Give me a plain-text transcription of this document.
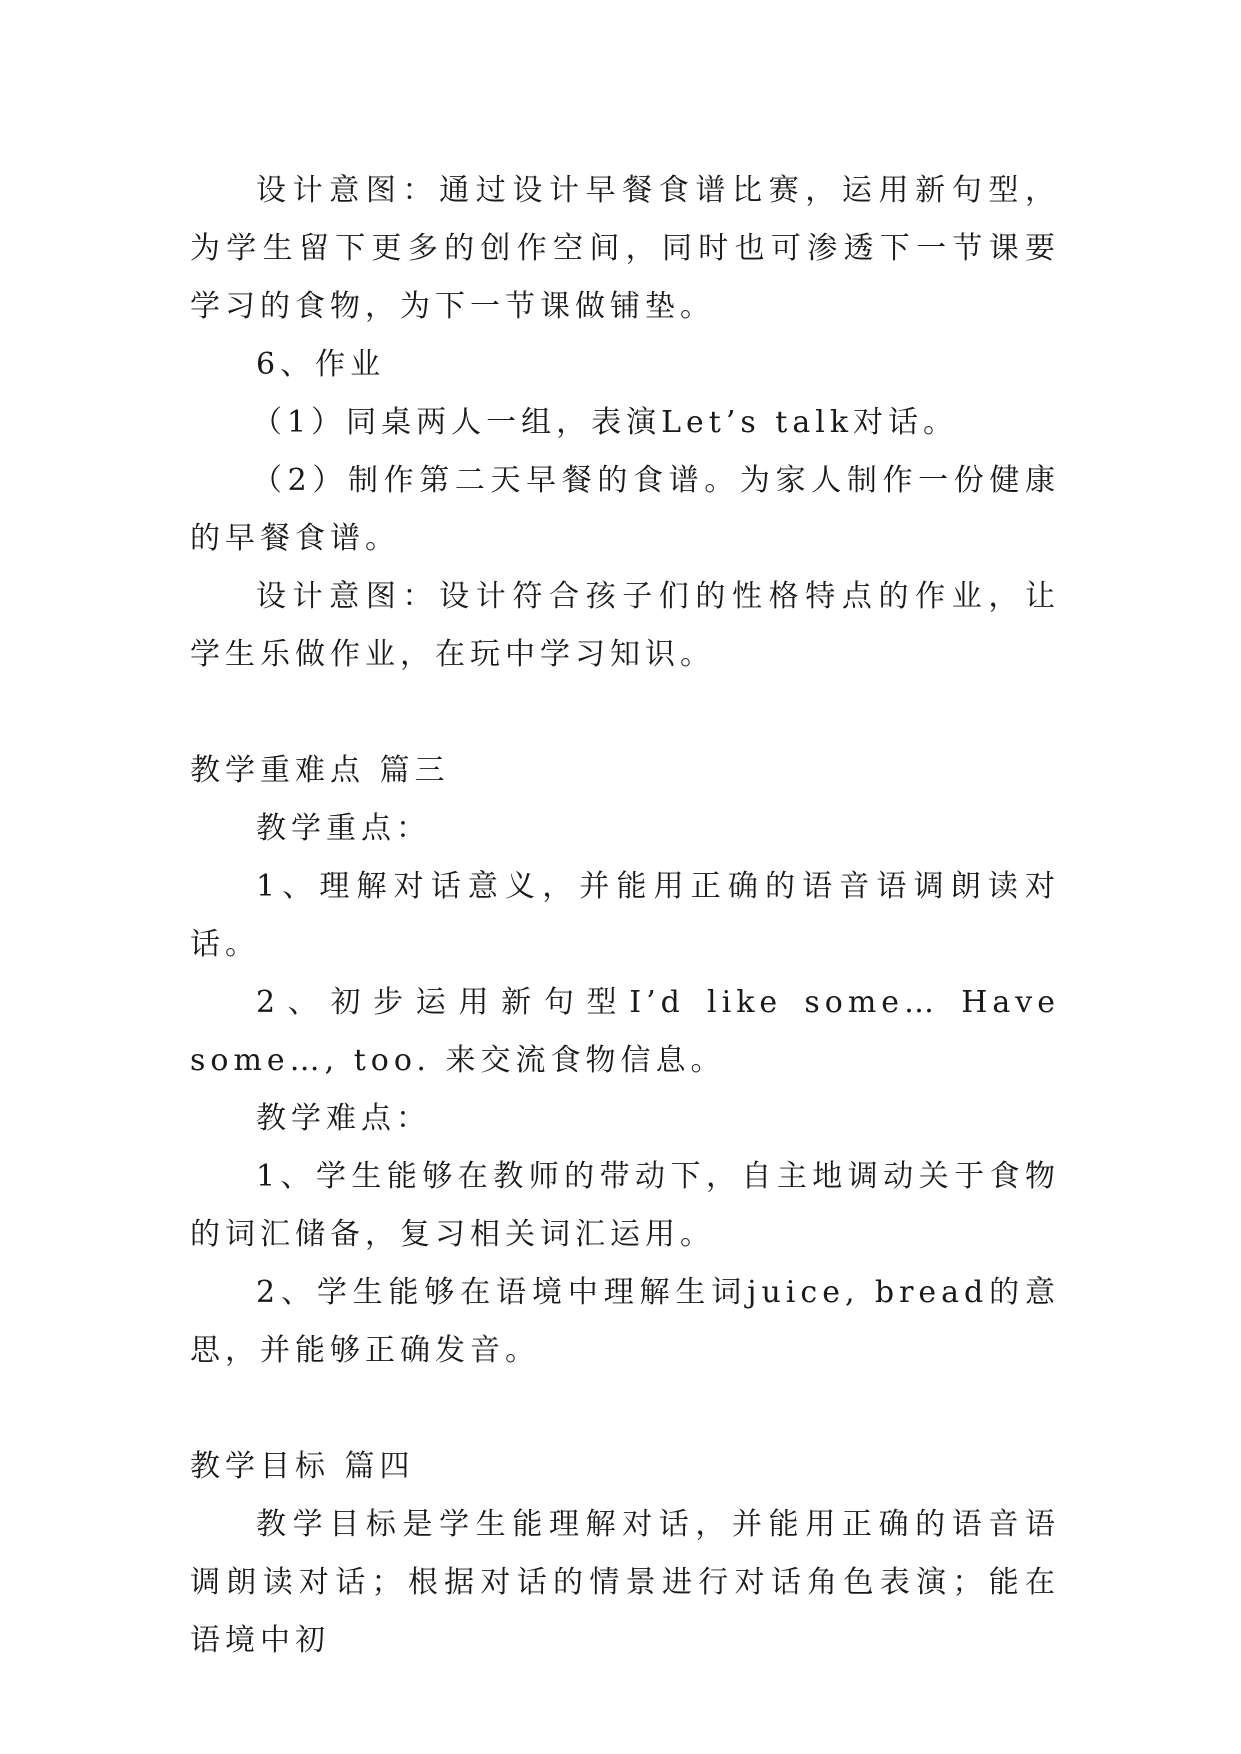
设计意图：通过设计早餐食谱比赛，运用新句型，为学生留下更多的创作空间，同时也可渗透下一节课要学习的食物，为下一节课做铺垫。

6、作业

（1）同桌两人一组，表演Let’s talk对话。

（2）制作第二天早餐的食谱。为家人制作一份健康的早餐食谱。

设计意图：设计符合孩子们的性格特点的作业，让学生乐做作业，在玩中学习知识。

教学重难点 篇三

教学重点：

1、理解对话意义，并能用正确的语音语调朗读对话。

2、初步运用新句型I’d like some… Have some…, too. 来交流食物信息。

教学难点：

1、学生能够在教师的带动下，自主地调动关于食物的词汇储备，复习相关词汇运用。

2、学生能够在语境中理解生词juice, bread的意思，并能够正确发音。

教学目标 篇四

教学目标是学生能理解对话，并能用正确的语音语调朗读对话；根据对话的情景进行对话角色表演；能在语境中初
